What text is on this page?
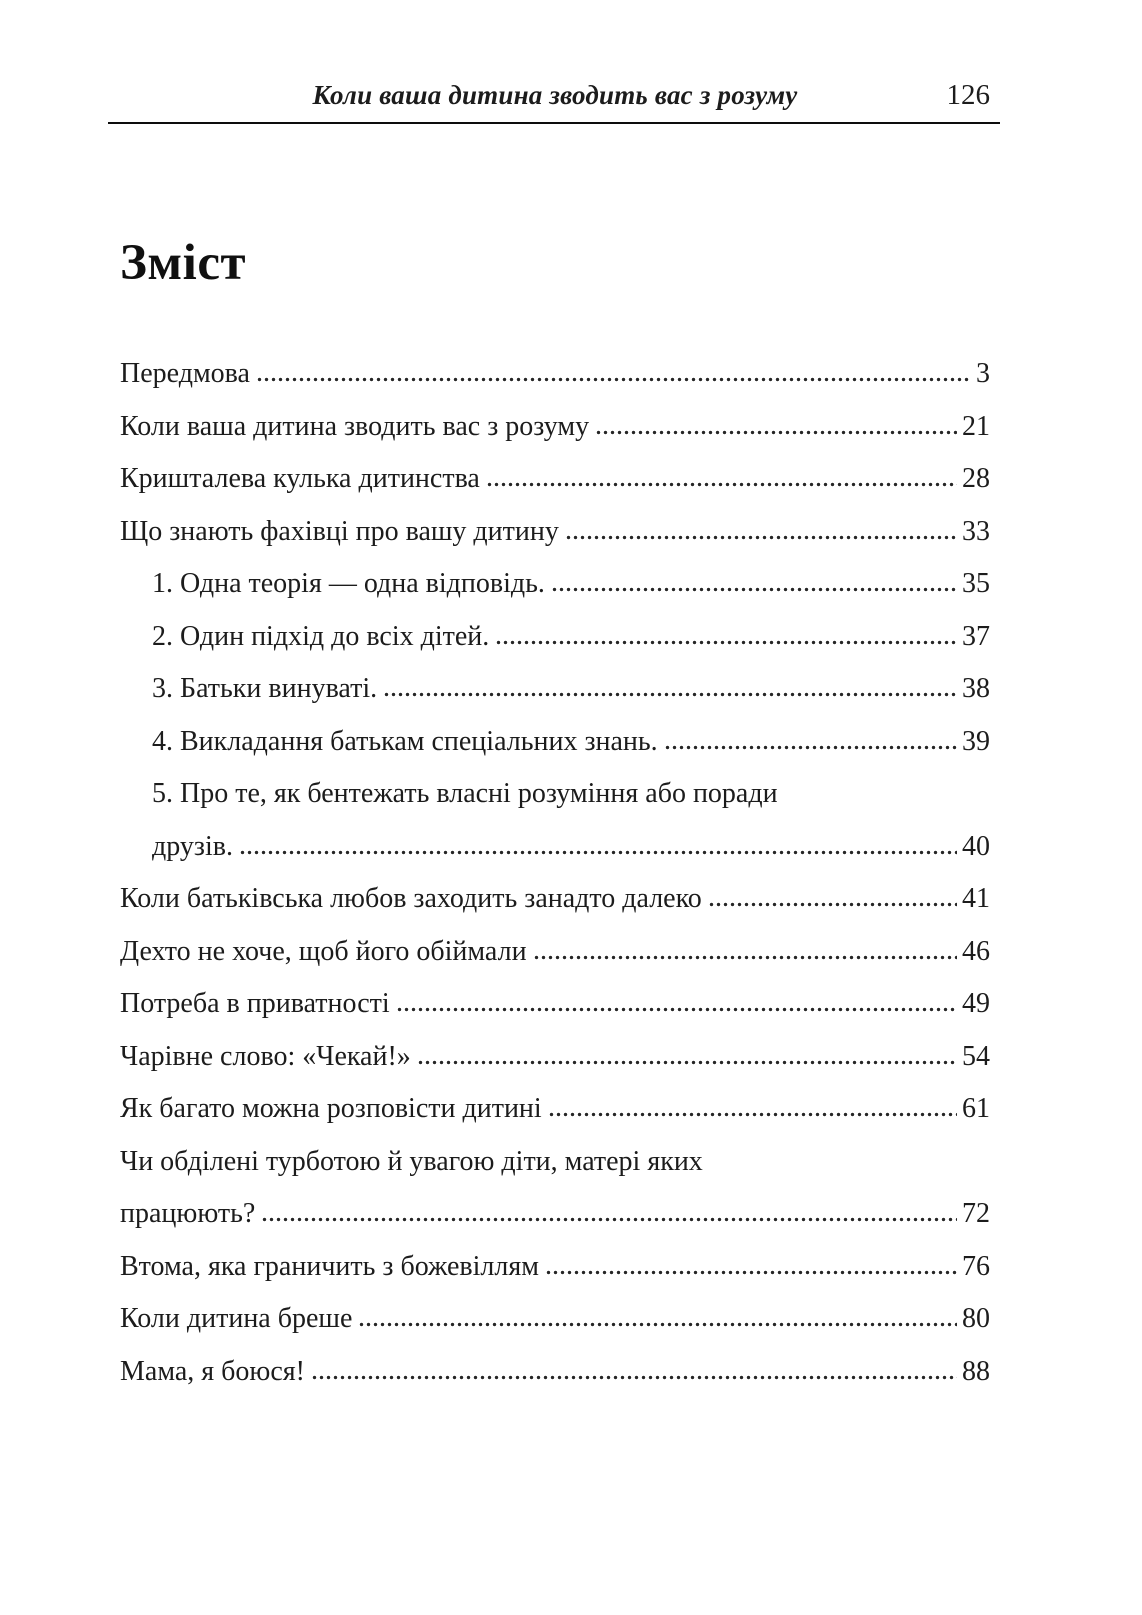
Коли ваша дитина зводить вас з розуму	126
Зміст
Передмова	3
Коли ваша дитина зводить вас з розуму	21
Кришталева кулька дитинства	28
Що знають фахівці про вашу дитину	33
1. Одна теорія — одна відповідь.	35
2. Один підхід до всіх дітей.	37
3. Батьки винуваті.	38
4. Викладання батькам спеціальних знань.	39
5. Про те, як бентежать власні розуміння або поради
друзів.	40
Коли батьківська любов заходить занадто далеко	41
Дехто не хоче, щоб його обіймали	46
Потреба в приватності	49
Чарівне слово: «Чекай!»	54
Як багато можна розповісти дитині	61
Чи обділені турботою й увагою діти, матері яких
працюють?	72
Втома, яка граничить з божевіллям	76
Коли дитина бреше	80
Мама, я боюся!	88
